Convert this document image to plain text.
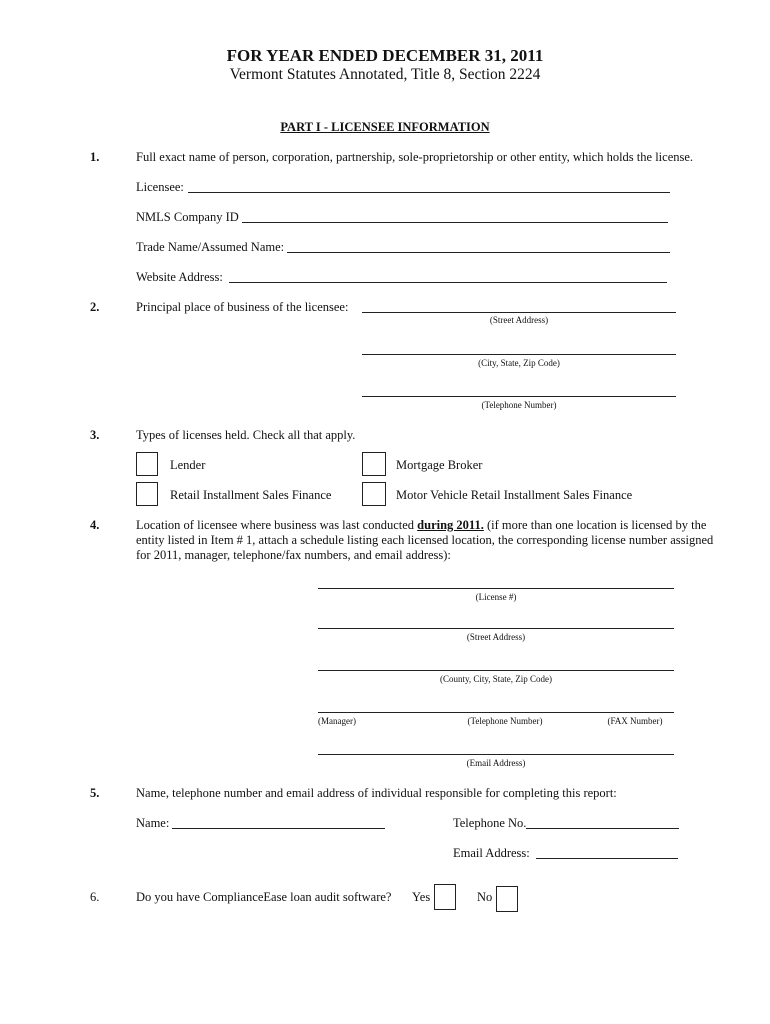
FOR YEAR ENDED DECEMBER 31, 2011
Vermont Statutes Annotated, Title 8, Section 2224
PART I - LICENSEE INFORMATION
1.	Full exact name of person, corporation, partnership, sole-proprietorship or other entity, which holds the license.
Licensee:
NMLS Company ID
Trade Name/Assumed Name:
Website Address:
2.	Principal place of business of the licensee:
(Street Address)
(City, State, Zip Code)
(Telephone Number)
3.	Types of licenses held. Check all that apply.
Lender	Mortgage Broker
Retail Installment Sales Finance	Motor Vehicle Retail Installment Sales Finance
4.	Location of licensee where business was last conducted during 2011. (if more than one location is licensed by the
entity listed in Item # 1, attach a schedule listing each licensed location, the corresponding license number assigned
for 2011, manager, telephone/fax numbers, and email address):
(License #)
(Street Address)
(County, City, State, Zip Code)
(Manager)	(Telephone Number)	(FAX Number)
(Email Address)
5.	Name, telephone number and email address of individual responsible for completing this report:
Name:	Telephone No.
Email Address:
6.	Do you have ComplianceEase loan audit software? Yes	No
